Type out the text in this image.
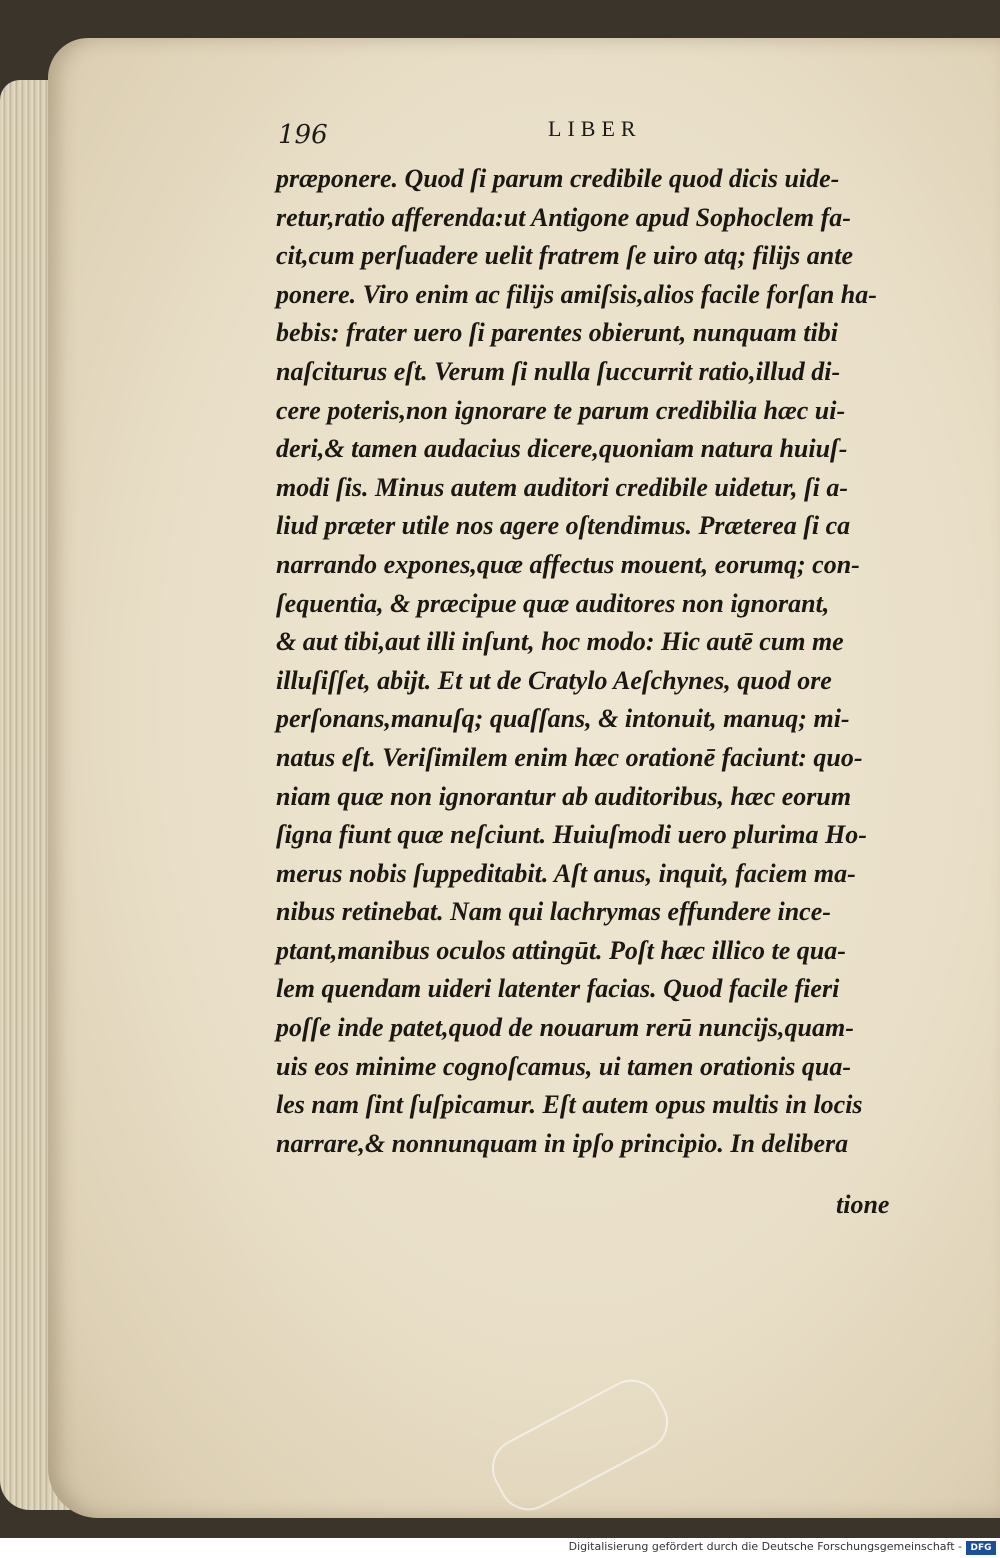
196	LIBER
præponere. Quod ſi parum credibile quod dicis uide-
retur,ratio afferenda:ut Antigone apud Sophoclem fa-
cit,cum perſuadere uelit fratrem ſe uiro atq; filijs ante
ponere. Viro enim ac filijs amiſsis,alios facile forſan ha-
bebis: frater uero ſi parentes obierunt, nunquam tibi
naſciturus eſt. Verum ſi nulla ſuccurrit ratio,illud di-
cere poteris,non ignorare te parum credibilia hæc ui-
deri,& tamen audacius dicere,quoniam natura huiuſ-
modi ſis. Minus autem auditori credibile uidetur, ſi a-
liud præter utile nos agere oſtendimus. Præterea ſi ca
narrando expones,quæ affectus mouent, eorumq; con-
ſequentia, & præcipue quæ auditores non ignorant,
& aut tibi,aut illi inſunt, hoc modo: Hic autē cum me
illuſiſſet, abijt. Et ut de Cratylo Aeſchynes, quod ore
perſonans,manuſq; quaſſans, & intonuit, manuq; mi-
natus eſt. Veriſimilem enim hæc orationē faciunt: quo-
niam quæ non ignorantur ab auditoribus, hæc eorum
ſigna fiunt quæ neſciunt. Huiuſmodi uero plurima Ho-
merus nobis ſuppeditabit. Aſt anus, inquit, faciem ma-
nibus retinebat. Nam qui lachrymas effundere ince-
ptant,manibus oculos attingūt. Poſt hæc illico te qua-
lem quendam uideri latenter facias. Quod facile fieri
poſſe inde patet,quod de nouarum rerū nuncijs,quam-
uis eos minime cognoſcamus, ui tamen orationis qua-
les nam ſint ſuſpicamur. Eſt autem opus multis in locis
narrare,& nonnunquam in ipſo principio. In delibera
tione
Digitalisierung gefördert durch die Deutsche Forschungsgemeinschaft - DFG
